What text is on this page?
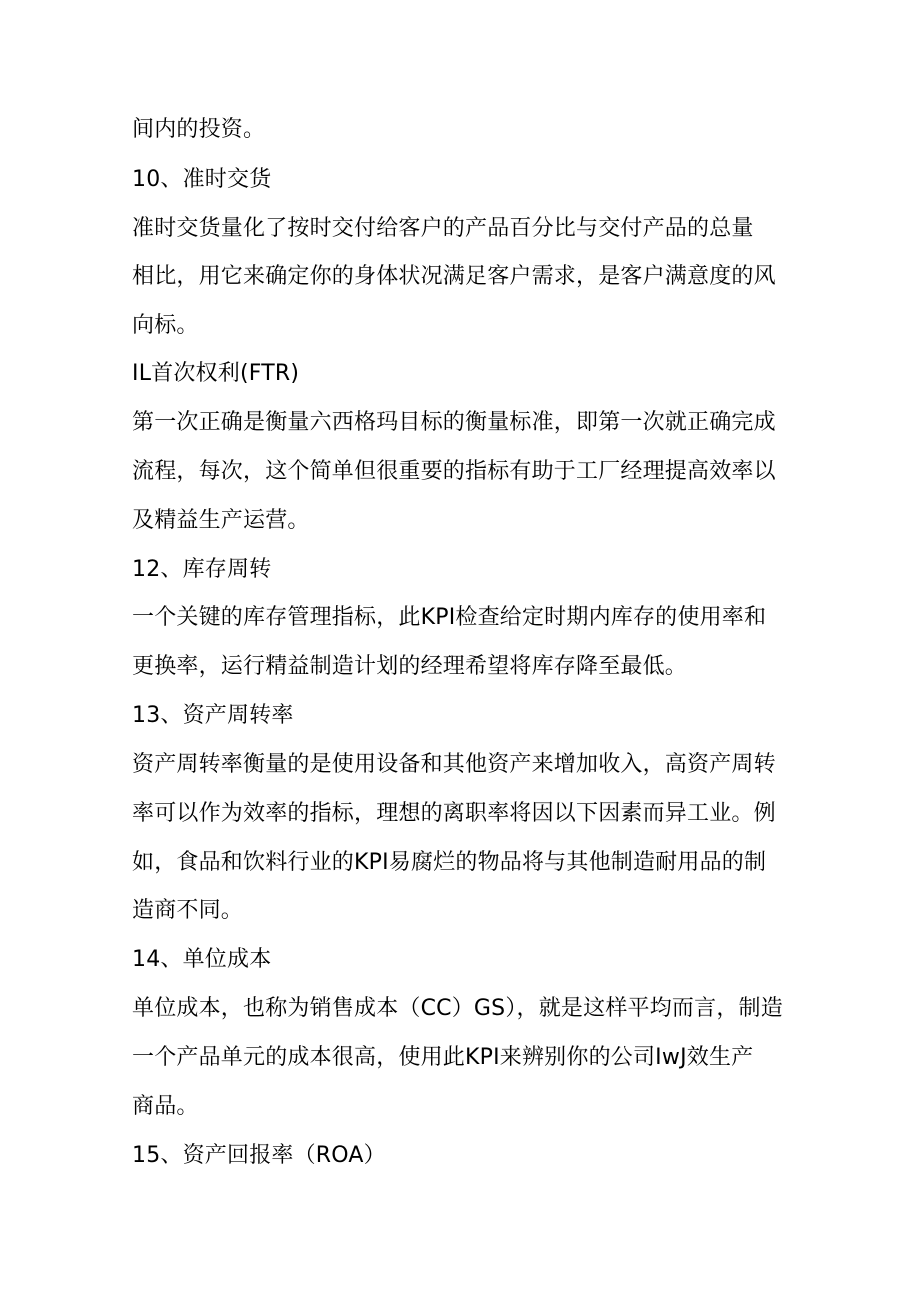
间内的投资。

10、准时交货

准时交货量化了按时交付给客户的产品百分比与交付产品的总量

相比，用它来确定你的身体状况满足客户需求，是客户满意度的风

向标。

IL首次权利(FTR)

第一次正确是衡量六西格玛目标的衡量标准，即第一次就正确完成

流程，每次，这个简单但很重要的指标有助于工厂经理提高效率以

及精益生产运营。

12、库存周转

一个关键的库存管理指标，此KPI检查给定时期内库存的使用率和

更换率，运行精益制造计划的经理希望将库存降至最低。

13、资产周转率

资产周转率衡量的是使用设备和其他资产来增加收入，高资产周转

率可以作为效率的指标，理想的离职率将因以下因素而异工业。例

如，食品和饮料行业的KPI易腐烂的物品将与其他制造耐用品的制

造商不同。

14、单位成本

单位成本，也称为销售成本（CC）GS），就是这样平均而言，制造

一个产品单元的成本很高，使用此KPI来辨别你的公司IwJ效生产

商品。

15、资产回报率（ROA）
